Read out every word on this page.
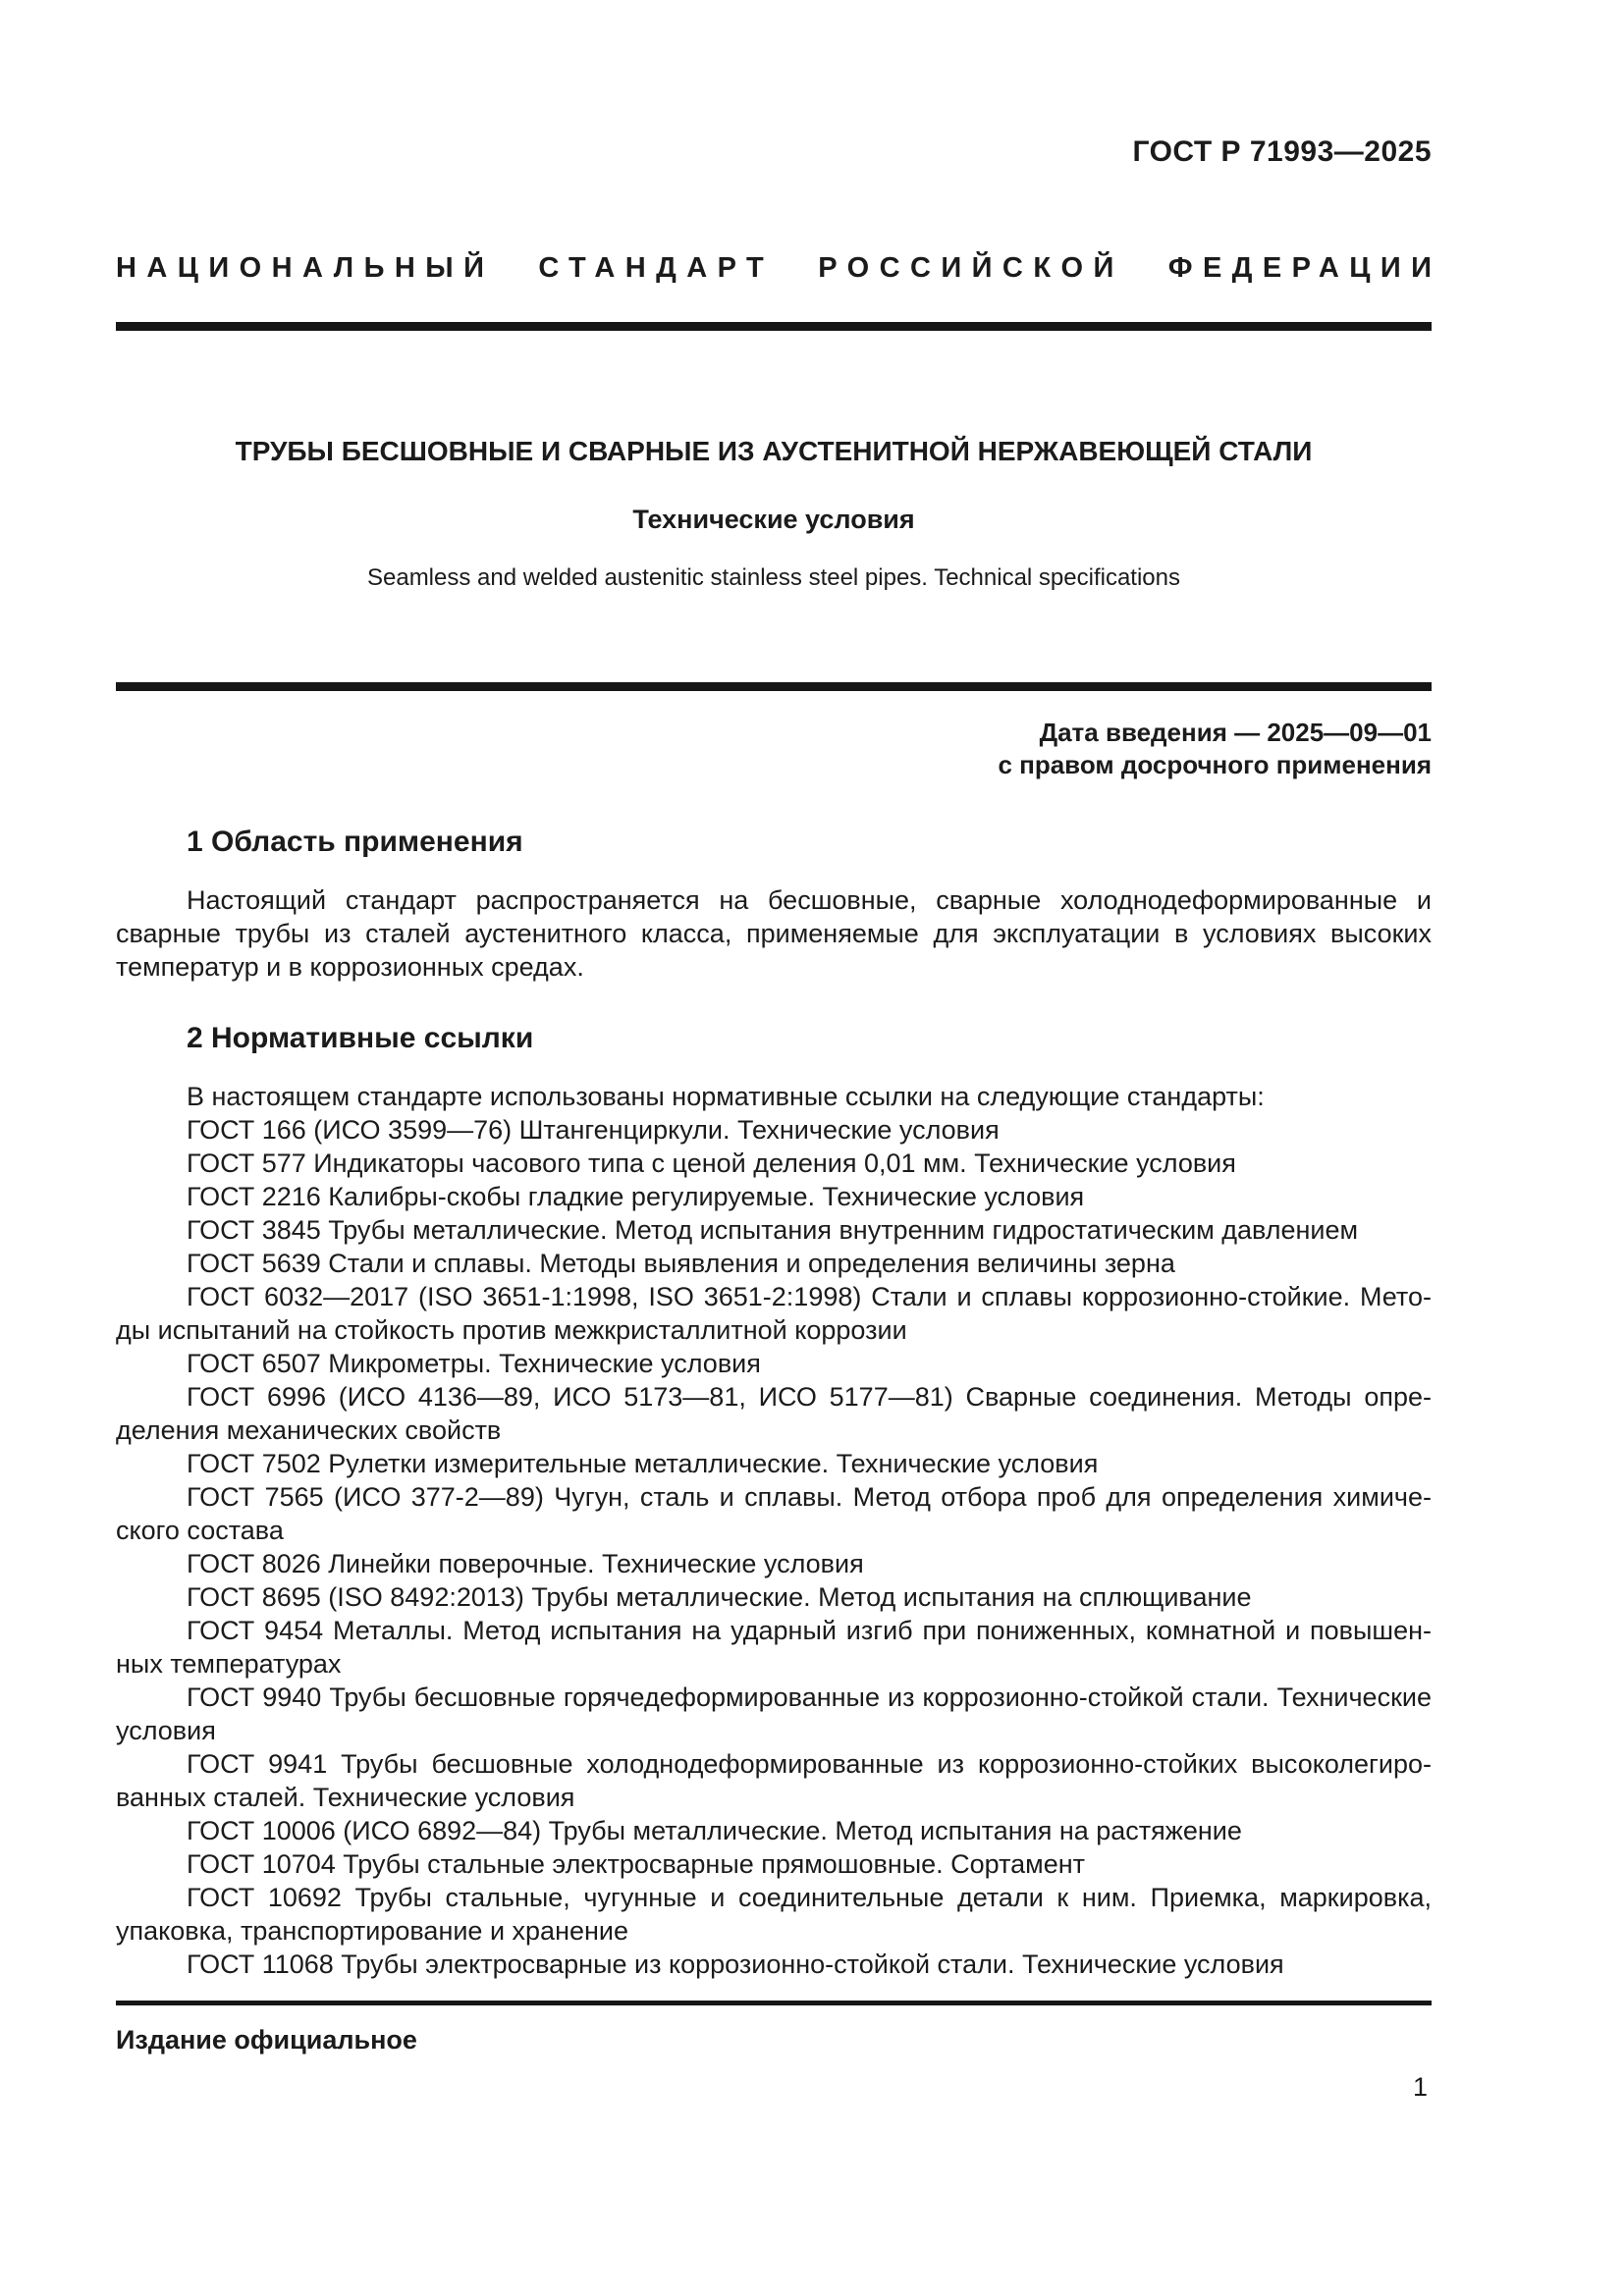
ГОСТ Р 71993—2025
НАЦИОНАЛЬНЫЙ СТАНДАРТ РОССИЙСКОЙ ФЕДЕРАЦИИ
ТРУБЫ БЕСШОВНЫЕ И СВАРНЫЕ ИЗ АУСТЕНИТНОЙ НЕРЖАВЕЮЩЕЙ СТАЛИ
Технические условия
Seamless and welded austenitic stainless steel pipes. Technical specifications
Дата введения — 2025—09—01
с правом досрочного применения
1 Область применения

Настоящий стандарт распространяется на бесшовные, сварные холоднодеформированные и сварные трубы из сталей аустенитного класса, применяемые для эксплуатации в условиях высоких температур и в коррозионных средах.

2 Нормативные ссылки

В настоящем стандарте использованы нормативные ссылки на следующие стандарты:

ГОСТ 166 (ИСО 3599—76) Штангенциркули. Технические условия

ГОСТ 577 Индикаторы часового типа с ценой деления 0,01 мм. Технические условия

ГОСТ 2216 Калибры-скобы гладкие регулируемые. Технические условия

ГОСТ 3845 Трубы металлические. Метод испытания внутренним гидростатическим давлением

ГОСТ 5639 Стали и сплавы. Методы выявления и определения величины зерна

ГОСТ 6032—2017 (ISO 3651-1:1998, ISO 3651-2:1998) Стали и сплавы коррозионно-стойкие. Методы испытаний на стойкость против межкристаллитной коррозии

ГОСТ 6507 Микрометры. Технические условия

ГОСТ 6996 (ИСО 4136—89, ИСО 5173—81, ИСО 5177—81) Сварные соединения. Методы определения механических свойств

ГОСТ 7502 Рулетки измерительные металлические. Технические условия

ГОСТ 7565 (ИСО 377-2—89) Чугун, сталь и сплавы. Метод отбора проб для определения химического состава

ГОСТ 8026 Линейки поверочные. Технические условия

ГОСТ 8695 (ISO 8492:2013) Трубы металлические. Метод испытания на сплющивание

ГОСТ 9454 Металлы. Метод испытания на ударный изгиб при пониженных, комнатной и повышенных температурах

ГОСТ 9940 Трубы бесшовные горячедеформированные из коррозионно-стойкой стали. Технические условия

ГОСТ 9941 Трубы бесшовные холоднодеформированные из коррозионно-стойких высоколегированных сталей. Технические условия

ГОСТ 10006 (ИСО 6892—84) Трубы металлические. Метод испытания на растяжение

ГОСТ 10704 Трубы стальные электросварные прямошовные. Сортамент

ГОСТ 10692 Трубы стальные, чугунные и соединительные детали к ним. Приемка, маркировка, упаковка, транспортирование и хранение

ГОСТ 11068 Трубы электросварные из коррозионно-стойкой стали. Технические условия

Издание официальное
1
